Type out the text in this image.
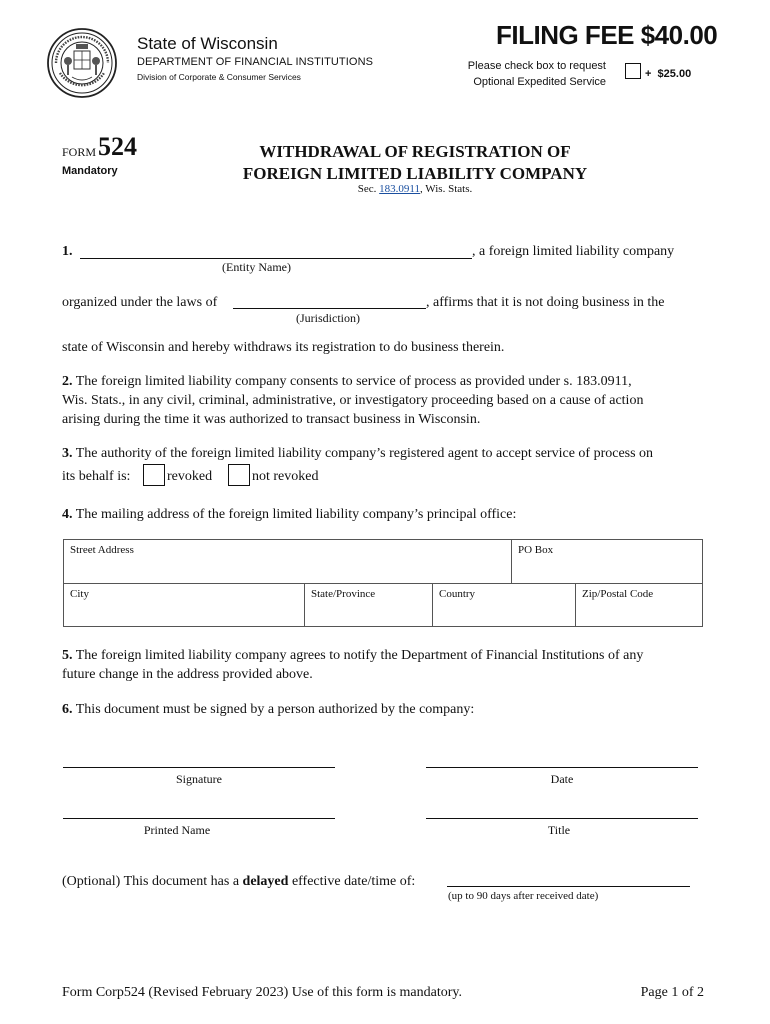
State of Wisconsin
DEPARTMENT OF FINANCIAL INSTITUTIONS
Division of Corporate & Consumer Services
FILING FEE $40.00
Please check box to request
Optional Expedited Service
+  $25.00
FORM 524
Mandatory
WITHDRAWAL OF REGISTRATION OF
FOREIGN LIMITED LIABILITY COMPANY
Sec. 183.0911, Wis. Stats.
1.	, a foreign limited liability company
(Entity Name)
organized under the laws of	, affirms that it is not doing business in the
(Jurisdiction)
state of Wisconsin and hereby withdraws its registration to do business therein.
2. The foreign limited liability company consents to service of process as provided under s. 183.0911,
Wis. Stats., in any civil, criminal, administrative, or investigatory proceeding based on a cause of action
arising during the time it was authorized to transact business in Wisconsin.
3. The authority of the foreign limited liability company’s registered agent to accept service of process on
its behalf is:	revoked	not revoked
4. The mailing address of the foreign limited liability company’s principal office:
Street Address	PO Box
City	State/Province	Country	Zip/Postal Code
5. The foreign limited liability company agrees to notify the Department of Financial Institutions of any
future change in the address provided above.
6. This document must be signed by a person authorized by the company:
Signature	Date
Printed Name	Title
(Optional) This document has a delayed effective date/time of:
(up to 90 days after received date)
Form Corp524 (Revised February 2023) Use of this form is mandatory.	Page 1 of 2
